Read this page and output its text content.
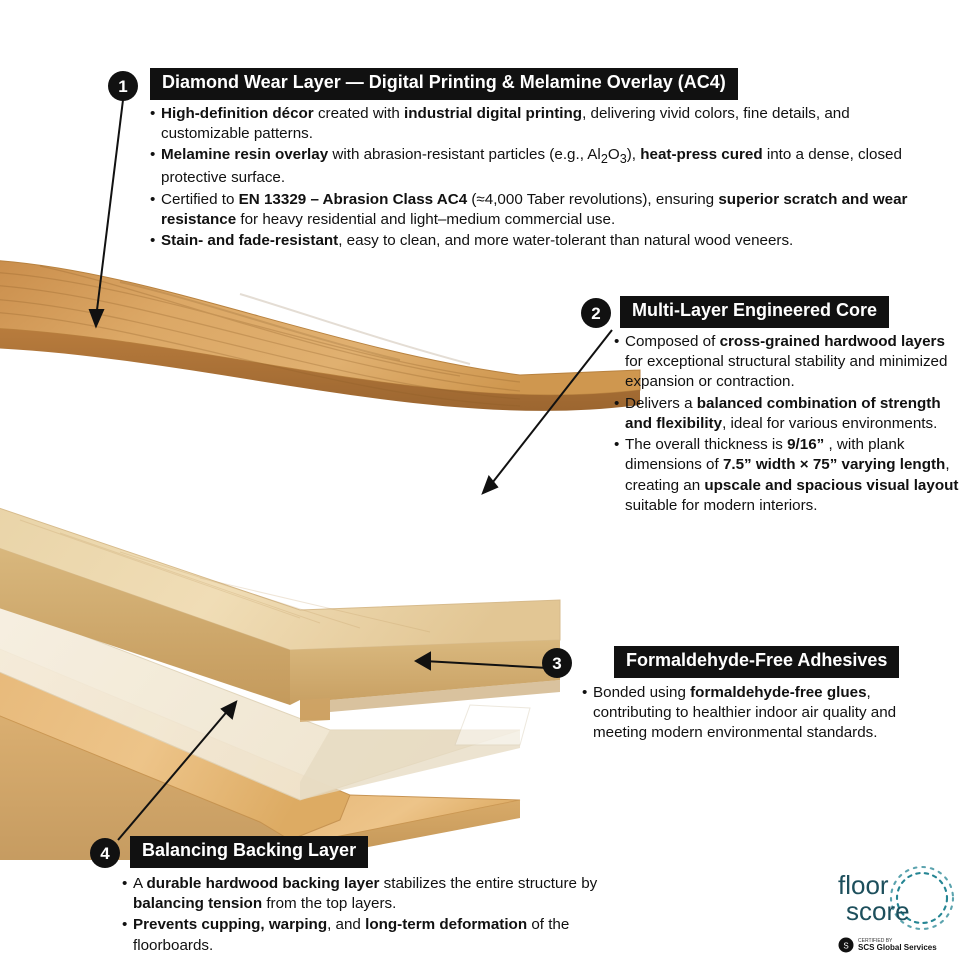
1	Diamond Wear Layer — Digital Printing & Melamine Overlay (AC4)
• High-definition décor created with industrial digital printing, delivering vivid colors, fine details, and customizable patterns.
• Melamine resin overlay with abrasion-resistant particles (e.g., $Al_2O_3$), heat-press cured into a dense, closed protective surface.
• Certified to EN 13329 – Abrasion Class AC4 (≈4,000 Taber revolutions), ensuring superior scratch and wear resistance for heavy residential and light–medium commercial use.
• Stain- and fade-resistant, easy to clean, and more water-tolerant than natural wood veneers.
2	Multi-Layer Engineered Core
• Composed of cross-grained hardwood layers for exceptional structural stability and minimized expansion or contraction.
• Delivers a balanced combination of strength and flexibility, ideal for various environments.
• The overall thickness is 9/16” , with plank dimensions of 7.5” width × 75” varying length, creating an upscale and spacious visual layout suitable for modern interiors.
3	Formaldehyde-Free Adhesives
• Bonded using formaldehyde-free glues, contributing to healthier indoor air quality and meeting modern environmental standards.
4	Balancing Backing Layer
• A durable hardwood backing layer stabilizes the entire structure by balancing tension from the top layers.
• Prevents cupping, warping, and long-term deformation of the floorboards.
floor
score
S
CERTIFIED BY
SCS Global Services
